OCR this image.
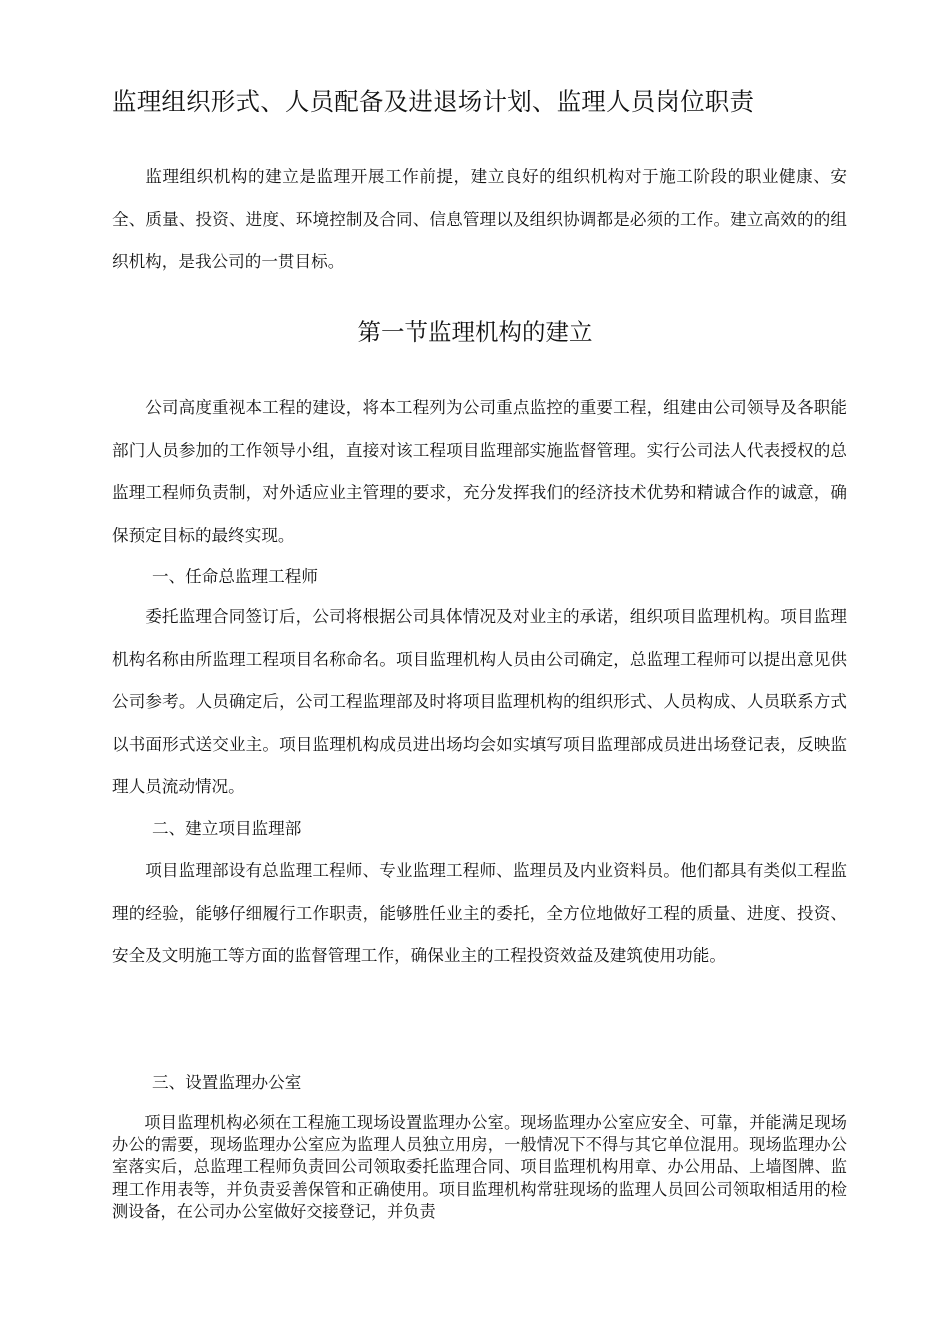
监理组织形式、人员配备及进退场计划、监理人员岗位职责

监理组织机构的建立是监理开展工作前提，建立良好的组织机构对于施工阶段的职业健康、安全、质量、投资、进度、环境控制及合同、信息管理以及组织协调都是必须的工作。建立高效的的组织机构，是我公司的一贯目标。

第一节监理机构的建立

公司高度重视本工程的建设，将本工程列为公司重点监控的重要工程，组建由公司领导及各职能部门人员参加的工作领导小组，直接对该工程项目监理部实施监督管理。实行公司法人代表授权的总监理工程师负责制，对外适应业主管理的要求，充分发挥我们的经济技术优势和精诚合作的诚意，确保预定目标的最终实现。

一、任命总监理工程师

委托监理合同签订后，公司将根据公司具体情况及对业主的承诺，组织项目监理机构。项目监理机构名称由所监理工程项目名称命名。项目监理机构人员由公司确定，总监理工程师可以提出意见供公司参考。人员确定后，公司工程监理部及时将项目监理机构的组织形式、人员构成、人员联系方式以书面形式送交业主。项目监理机构成员进出场均会如实填写项目监理部成员进出场登记表，反映监理人员流动情况。

二、建立项目监理部

项目监理部设有总监理工程师、专业监理工程师、监理员及内业资料员。他们都具有类似工程监理的经验，能够仔细履行工作职责，能够胜任业主的委托，全方位地做好工程的质量、进度、投资、安全及文明施工等方面的监督管理工作，确保业主的工程投资效益及建筑使用功能。

三、设置监理办公室

项目监理机构必须在工程施工现场设置监理办公室。现场监理办公室应安全、可靠，并能满足现场办公的需要，现场监理办公室应为监理人员独立用房，一般情况下不得与其它单位混用。现场监理办公室落实后，总监理工程师负责回公司领取委托监理合同、项目监理机构用章、办公用品、上墙图牌、监理工作用表等，并负责妥善保管和正确使用。项目监理机构常驻现场的监理人员回公司领取相适用的检测设备，在公司办公室做好交接登记，并负责
